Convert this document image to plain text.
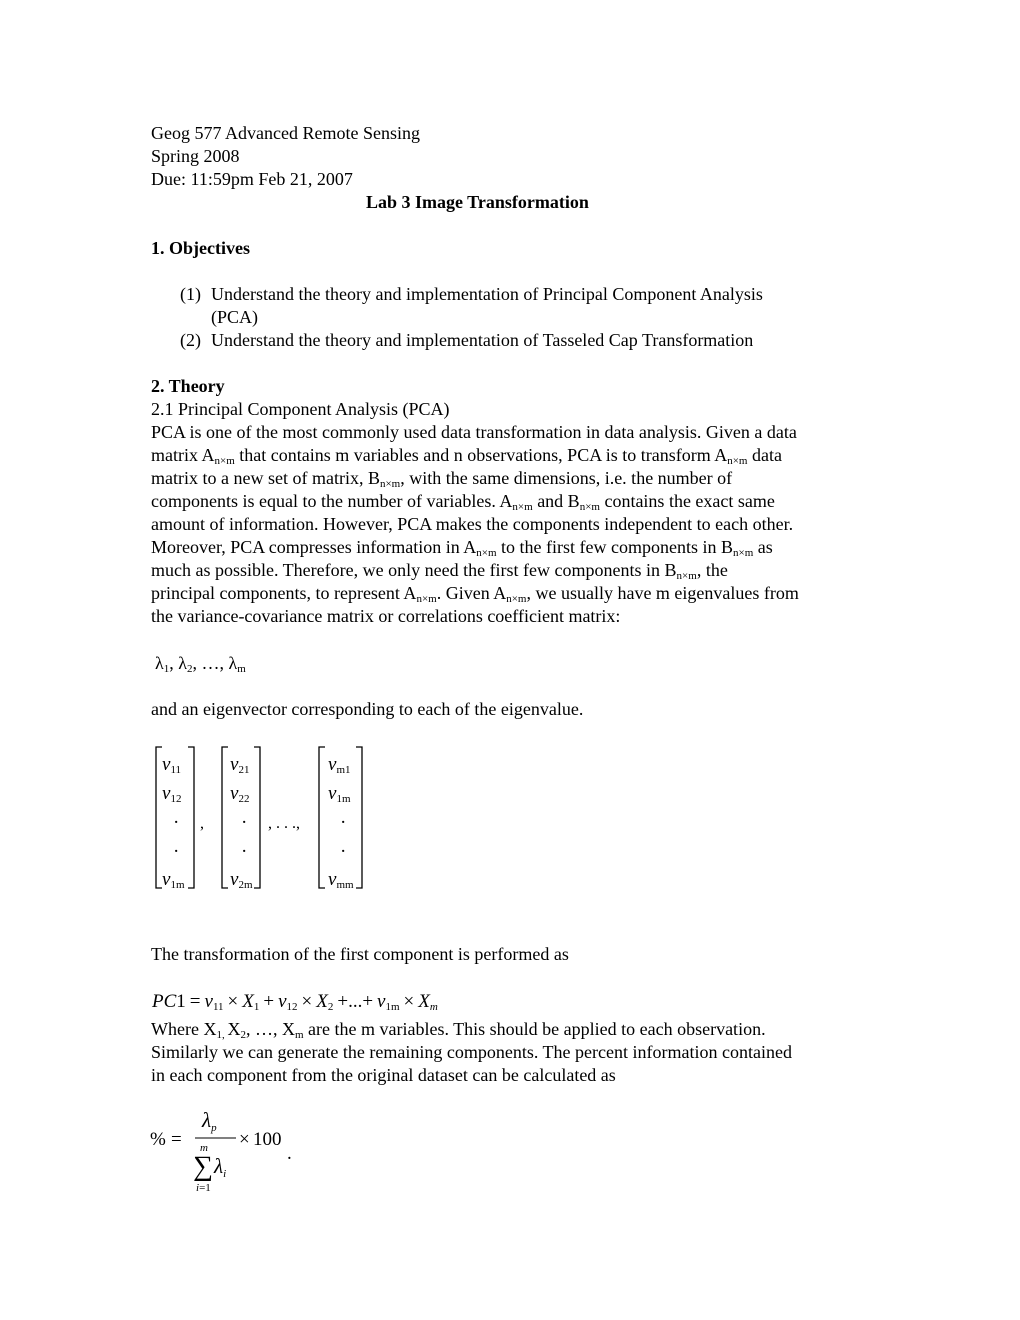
Geog 577 Advanced Remote Sensing
Spring 2008
Due: 11:59pm Feb 21, 2007
Lab 3 Image Transformation
1. Objectives
(1) Understand the theory and implementation of Principal Component Analysis
(PCA)
(2) Understand the theory and implementation of Tasseled Cap Transformation
2. Theory
2.1 Principal Component Analysis (PCA)
PCA is one of the most commonly used data transformation in data analysis. Given a data
matrix $A_{n\times m}$ that contains m variables and n observations, PCA is to transform $A_{n\times m}$ data
matrix to a new set of matrix, $B_{n\times m}$, with the same dimensions, i.e. the number of
components is equal to the number of variables. $A_{n\times m}$ and $B_{n\times m}$ contains the exact same
amount of information. However, PCA makes the components independent to each other.
Moreover, PCA compresses information in $A_{n\times m}$ to the first few components in $B_{n\times m}$ as
much as possible. Therefore, we only need the first few components in $B_{n\times m}$, the
principal components, to represent $A_{n\times m}$. Given $A_{n\times m}$, we usually have m eigenvalues from
the variance-covariance matrix or correlations coefficient matrix:
$\lambda_1$, $\lambda_2$, …, $\lambda_m$
and an eigenvector corresponding to each of the eigenvalue.
v11
v12
·
·
v1m
v21
v22
·
·
v2m
vm1
v1m
·
·
vmm
,	, . . .,
The transformation of the first component is performed as
PC1 = v11 × X1 + v12 × X2 +...+ v1m × Xm
Where $X_{1,}$ $X_2$, …, $X_m$ are the m variables. This should be applied to each observation.
Similarly we can generate the remaining components. The percent information contained
in each component from the original dataset can be calculated as
% =
λp
m
∑ λi
i=1
× 100
.
